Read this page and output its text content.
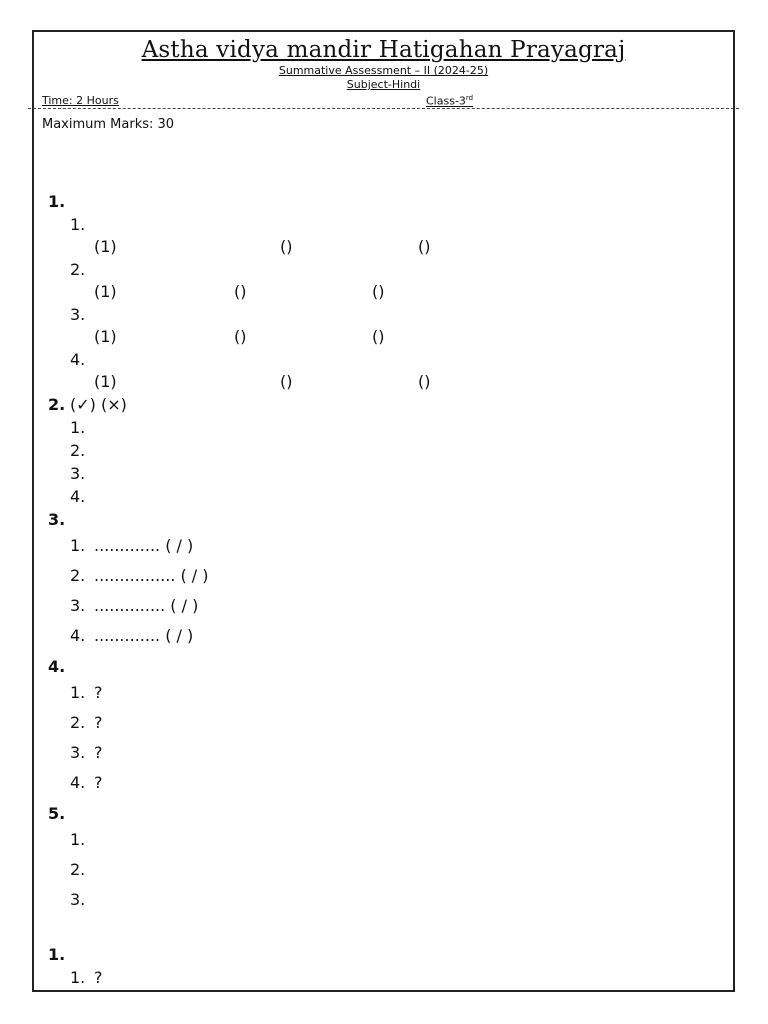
Astha vidya mandir Hatigahan Prayagraj
Summative Assessment – II (2024-25)
Subject-Hindi
Time: 2 Hours	Class-3rd
Maximum Marks: 30
1.
1.
(1)	()	()
2.
(1)	()	()
3.
(1)	()	()
4.
(1)	()	()
2. (✓) (×)
1.
2.
3.
4.
3.
1. ............. ( / )
2. ................ ( / )
3. .............. ( / )
4. ............. ( / )
4.
1. ?
2. ?
3. ?
4. ?
5.
1.
2.
3.
1.
1. ?
